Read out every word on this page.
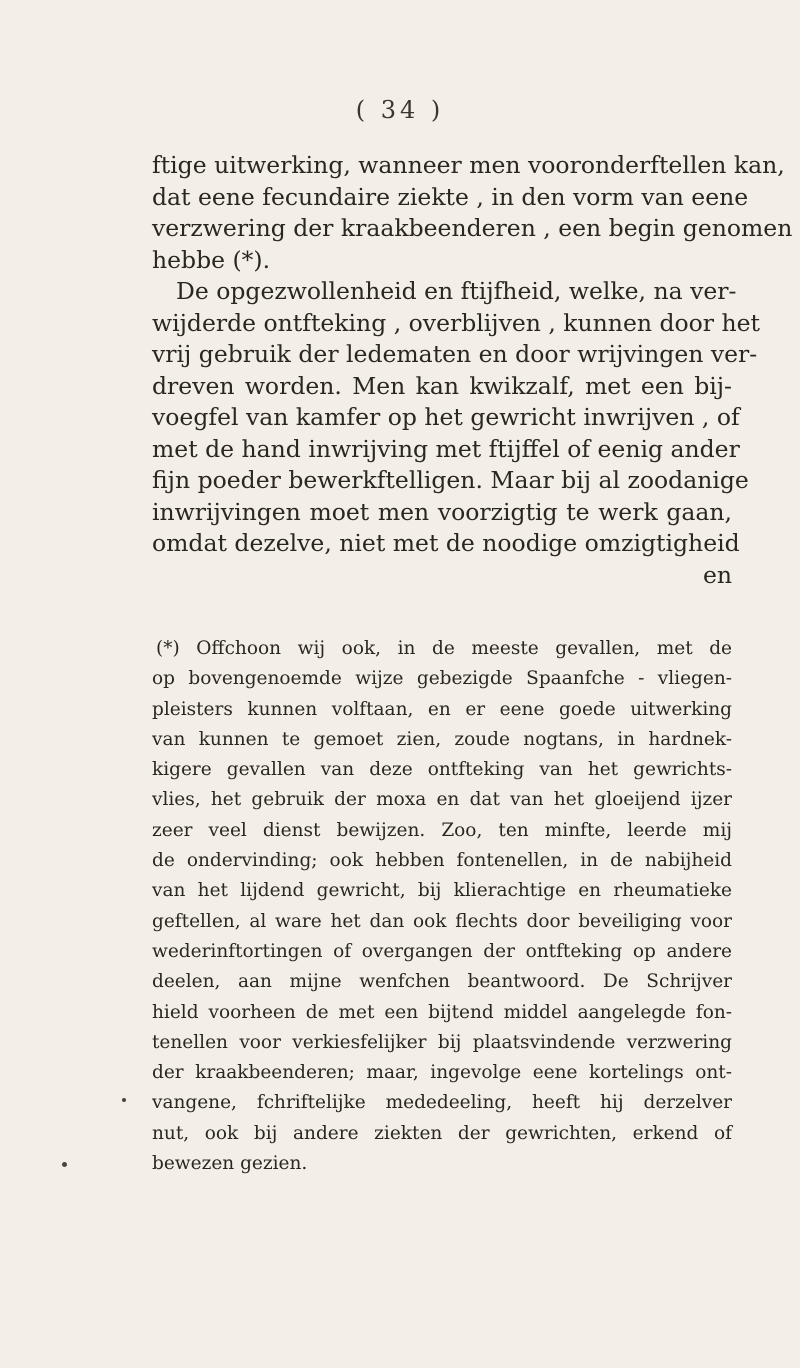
( 34 )
ftige uitwerking, wanneer men vooronderftellen kan,
dat eene fecundaire ziekte , in den vorm van eene
verzwering der kraakbeenderen , een begin genomen
hebbe (*).
De opgezwollenheid en ftijfheid, welke, na ver-
wijderde ontfteking , overblijven , kunnen door het
vrij gebruik der ledematen en door wrijvingen ver-
dreven worden. Men kan kwikzalf, met een bij-
voegfel van kamfer op het gewricht inwrijven , of
met de hand inwrijving met ftijffel of eenig ander
fijn poeder bewerkftelligen. Maar bij al zoodanige
inwrijvingen moet men voorzigtig te werk gaan,
omdat dezelve, niet met de noodige omzigtigheid
en
(*) Offchoon wij ook, in de meeste gevallen, met de
op bovengenoemde wijze gebezigde Spaanfche - vliegen-
pleisters kunnen volftaan, en er eene goede uitwerking
van kunnen te gemoet zien, zoude nogtans, in hardnek-
kigere gevallen van deze ontfteking van het gewrichts-
vlies, het gebruik der moxa en dat van het gloeijend ijzer
zeer veel dienst bewijzen. Zoo, ten minfte, leerde mij
de ondervinding; ook hebben fontenellen, in de nabijheid
van het lijdend gewricht, bij klierachtige en rheumatieke
geftellen, al ware het dan ook flechts door beveiliging voor
wederinftortingen of overgangen der ontfteking op andere
deelen, aan mijne wenfchen beantwoord. De Schrijver
hield voorheen de met een bijtend middel aangelegde fon-
tenellen voor verkiesfelijker bij plaatsvindende verzwering
der kraakbeenderen; maar, ingevolge eene kortelings ont-
vangene, fchriftelijke mededeeling, heeft hij derzelver
nut, ook bij andere ziekten der gewrichten, erkend of
bewezen gezien.
